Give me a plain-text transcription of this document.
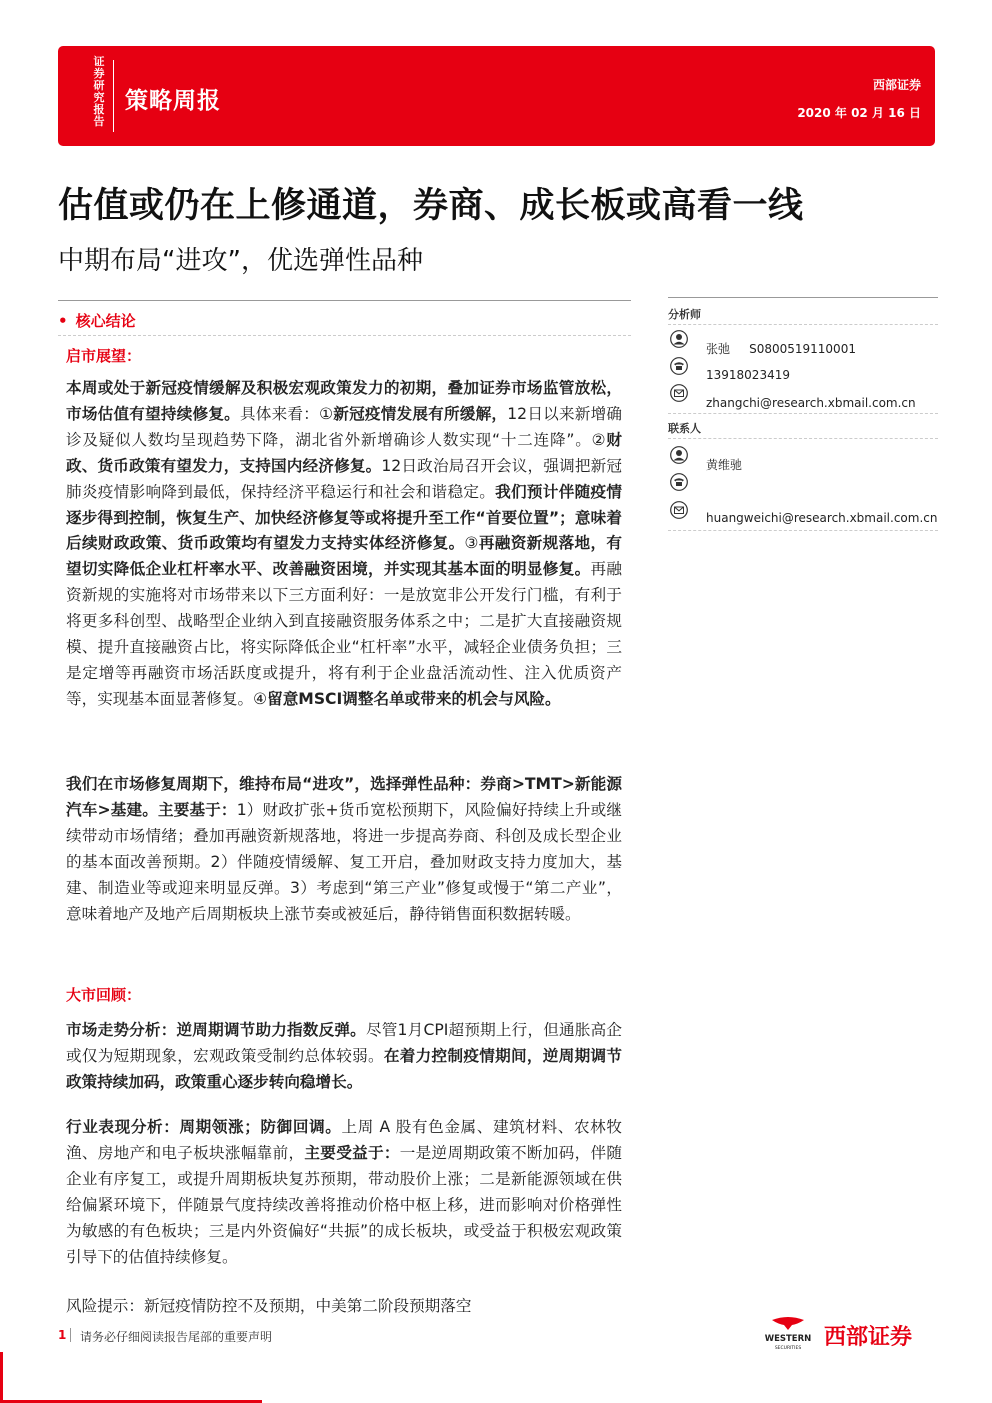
证券研究报告
策略周报
西部证券
2020 年 02 月 16 日
估值或仍在上修通道，券商、成长板或高看一线
中期布局“进攻”，优选弹性品种
• 核心结论
启市展望：
本周或处于新冠疫情缓解及积极宏观政策发力的初期，叠加证券市场监管放松，市场估值有望持续修复。具体来看：①新冠疫情发展有所缓解，12日以来新增确诊及疑似人数均呈现趋势下降，湖北省外新增确诊人数实现“十二连降”。②财政、货币政策有望发力，支持国内经济修复。12日政治局召开会议，强调把新冠肺炎疫情影响降到最低，保持经济平稳运行和社会和谐稳定。我们预计伴随疫情逐步得到控制，恢复生产、加快经济修复等或将提升至工作“首要位置”；意味着后续财政政策、货币政策均有望发力支持实体经济修复。③再融资新规落地，有望切实降低企业杠杆率水平、改善融资困境，并实现其基本面的明显修复。再融资新规的实施将对市场带来以下三方面利好：一是放宽非公开发行门槛，有利于将更多科创型、战略型企业纳入到直接融资服务体系之中；二是扩大直接融资规模、提升直接融资占比，将实际降低企业“杠杆率”水平，减轻企业债务负担；三是定增等再融资市场活跃度或提升，将有利于企业盘活流动性、注入优质资产等，实现基本面显著修复。④留意MSCI调整名单或带来的机会与风险。
我们在市场修复周期下，维持布局“进攻”，选择弹性品种：券商>TMT>新能源汽车>基建。主要基于：1）财政扩张+货币宽松预期下，风险偏好持续上升或继续带动市场情绪；叠加再融资新规落地，将进一步提高券商、科创及成长型企业的基本面改善预期。2）伴随疫情缓解、复工开启，叠加财政支持力度加大，基建、制造业等或迎来明显反弹。3）考虑到“第三产业”修复或慢于“第二产业”，意味着地产及地产后周期板块上涨节奏或被延后，静待销售面积数据转暖。
大市回顾：
市场走势分析：逆周期调节助力指数反弹。尽管1月CPI超预期上行，但通胀高企或仅为短期现象，宏观政策受制约总体较弱。在着力控制疫情期间，逆周期调节政策持续加码，政策重心逐步转向稳增长。
行业表现分析：周期领涨；防御回调。上周 A 股有色金属、建筑材料、农林牧渔、房地产和电子板块涨幅靠前，主要受益于：一是逆周期政策不断加码，伴随企业有序复工，或提升周期板块复苏预期，带动股价上涨；二是新能源领域在供给偏紧环境下，伴随景气度持续改善将推动价格中枢上移，进而影响对价格弹性为敏感的有色板块；三是内外资偏好“共振”的成长板块，或受益于积极宏观政策引导下的估值持续修复。
风险提示：新冠疫情防控不及预期，中美第二阶段预期落空
分析师
张弛 S0800519110001
13918023419
zhangchi@research.xbmail.com.cn
联系人
黄维驰
huangweichi@research.xbmail.com.cn
1 请务必仔细阅读报告尾部的重要声明	WESTERN
SECURITIES 西部证券
